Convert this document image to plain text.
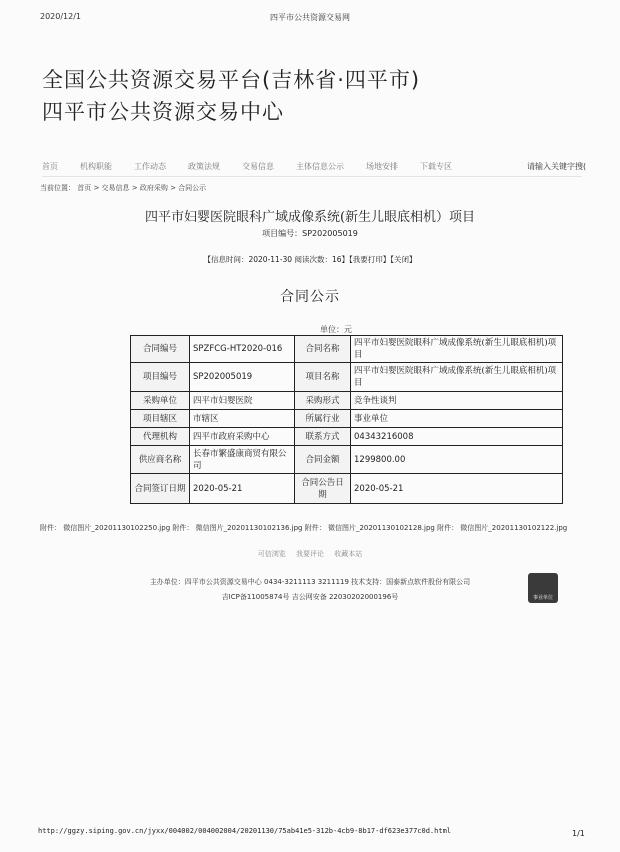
2020/12/1	四平市公共资源交易网
全国公共资源交易平台(吉林省·四平市)
四平市公共资源交易中心
首页	机构职能	工作动态	政策法规	交易信息	主体信息公示	场地安排	下载专区	请输入关键字搜(
当前位置： 首页 > 交易信息 > 政府采购 > 合同公示
四平市妇婴医院眼科广域成像系统(新生儿眼底相机）项目
项目编号：SP202005019
【信息时间：2020-11-30 阅读次数：16】【我要打印】【关闭】
合同公示
单位：元
合同编号	SPZFCG-HT2020-016	合同名称	四平市妇婴医院眼科广域成像系统(新生儿眼底相机)项目
项目编号	SP202005019	项目名称	四平市妇婴医院眼科广域成像系统(新生儿眼底相机)项目
采购单位	四平市妇婴医院	采购形式	竞争性谈判
项目辖区	市辖区	所属行业	事业单位
代理机构	四平市政府采购中心	联系方式	04343216008
供应商名称	长春市繁盛康商贸有限公司	合同金额	1299800.00
合同签订日期	2020-05-21	合同公告日期	2020-05-21
附件： 微信图片_20201130102250.jpg 附件： 微信图片_20201130102136.jpg 附件： 微信图片_20201130102128.jpg 附件： 微信图片_20201130102122.jpg
可信浏览 我要评论 收藏本站
主办单位：四平市公共资源交易中心 0434-3211113 3211119 技术支持：国泰新点软件股份有限公司
吉ICP备11005874号 吉公网安备 22030202000196号	事业单位
http://ggzy.siping.gov.cn/jyxx/004002/004002004/20201130/75ab41e5-312b-4cb9-8b17-df623e377c0d.html	1/1
